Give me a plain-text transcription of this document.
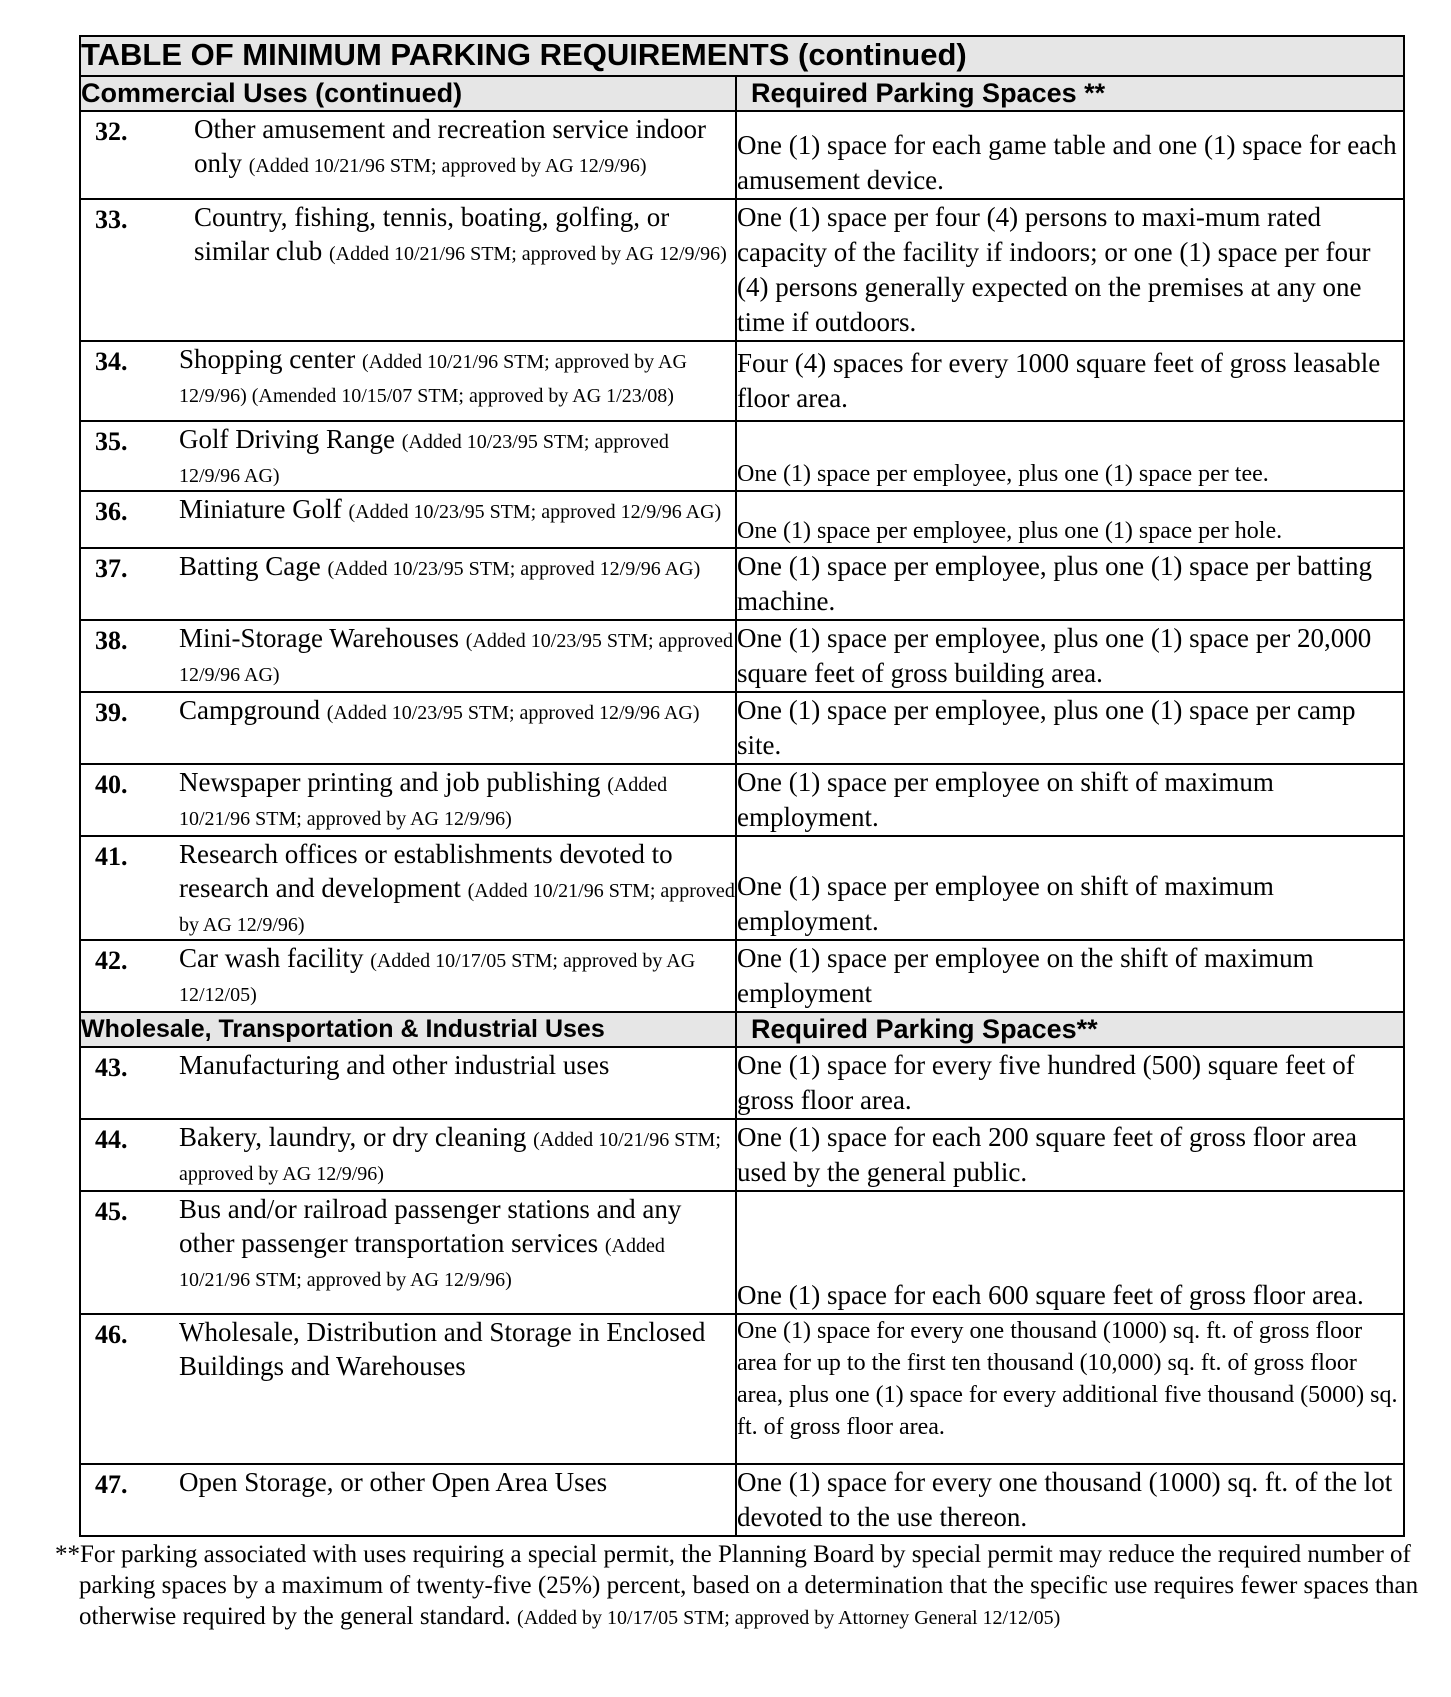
TABLE OF MINIMUM PARKING REQUIREMENTS (continued)	
Commercial Uses (continued)	Required Parking Spaces **

32. Other amusement and recreation service indoor only (Added 10/21/96 STM; approved by AG 12/9/96)	One (1) space for each game table and one (1) space for each amusement device.

33. Country, fishing, tennis, boating, golfing, or similar club (Added 10/21/96 STM; approved by AG 12/9/96)	One (1) space per four (4) persons to maxi-mum rated capacity of the facility if indoors; or one (1) space per four (4) persons generally expected on the premises at any one time if outdoors.

34. Shopping center (Added 10/21/96 STM; approved by AG 12/9/96) (Amended 10/15/07 STM; approved by AG 1/23/08)	Four (4) spaces for every 1000 square feet of gross leasable floor area.

35. Golf Driving Range (Added 10/23/95 STM; approved 12/9/96 AG)	One (1) space per employee, plus one (1) space per tee.

36. Miniature Golf (Added 10/23/95 STM; approved 12/9/96 AG)	One (1) space per employee, plus one (1) space per hole.

37. Batting Cage (Added 10/23/95 STM; approved 12/9/96 AG)	One (1) space per employee, plus one (1) space per batting machine.

38. Mini-Storage Warehouses (Added 10/23/95 STM; approved 12/9/96 AG)	One (1) space per employee, plus one (1) space per 20,000 square feet of gross building area.

39. Campground (Added 10/23/95 STM; approved 12/9/96 AG)	One (1) space per employee, plus one (1) space per camp site.

40. Newspaper printing and job publishing (Added 10/21/96 STM; approved by AG 12/9/96)	One (1) space per employee on shift of maximum employment.

41. Research offices or establishments devoted to research and development (Added 10/21/96 STM; approved by AG 12/9/96)	One (1) space per employee on shift of maximum employment.

42. Car wash facility (Added 10/17/05 STM; approved by AG 12/12/05)	One (1) space per employee on the shift of maximum employment
Wholesale, Transportation & Industrial Uses	Required Parking Spaces**

43. Manufacturing and other industrial uses	One (1) space for every five hundred (500) square feet of gross floor area.

44. Bakery, laundry, or dry cleaning (Added 10/21/96 STM; approved by AG 12/9/96)	One (1) space for each 200 square feet of gross floor area used by the general public.

45. Bus and/or railroad passenger stations and any other passenger transportation services (Added 10/21/96 STM; approved by AG 12/9/96)	One (1) space for each 600 square feet of gross floor area.

46. Wholesale, Distribution and Storage in Enclosed Buildings and Warehouses	One (1) space for every one thousand (1000) sq. ft. of gross floor area for up to the first ten thousand (10,000) sq. ft. of gross floor area, plus one (1) space for every additional five thousand (5000) sq. ft. of gross floor area.

47. Open Storage, or other Open Area Uses	One (1) space for every one thousand (1000) sq. ft. of the lot devoted to the use thereon.
**For parking associated with uses requiring a special permit, the Planning Board by special permit may reduce the required number of parking spaces by a maximum of twenty-five (25%) percent, based on a determination that the specific use requires fewer spaces than otherwise required by the general standard. (Added by 10/17/05 STM; approved by Attorney General 12/12/05)
